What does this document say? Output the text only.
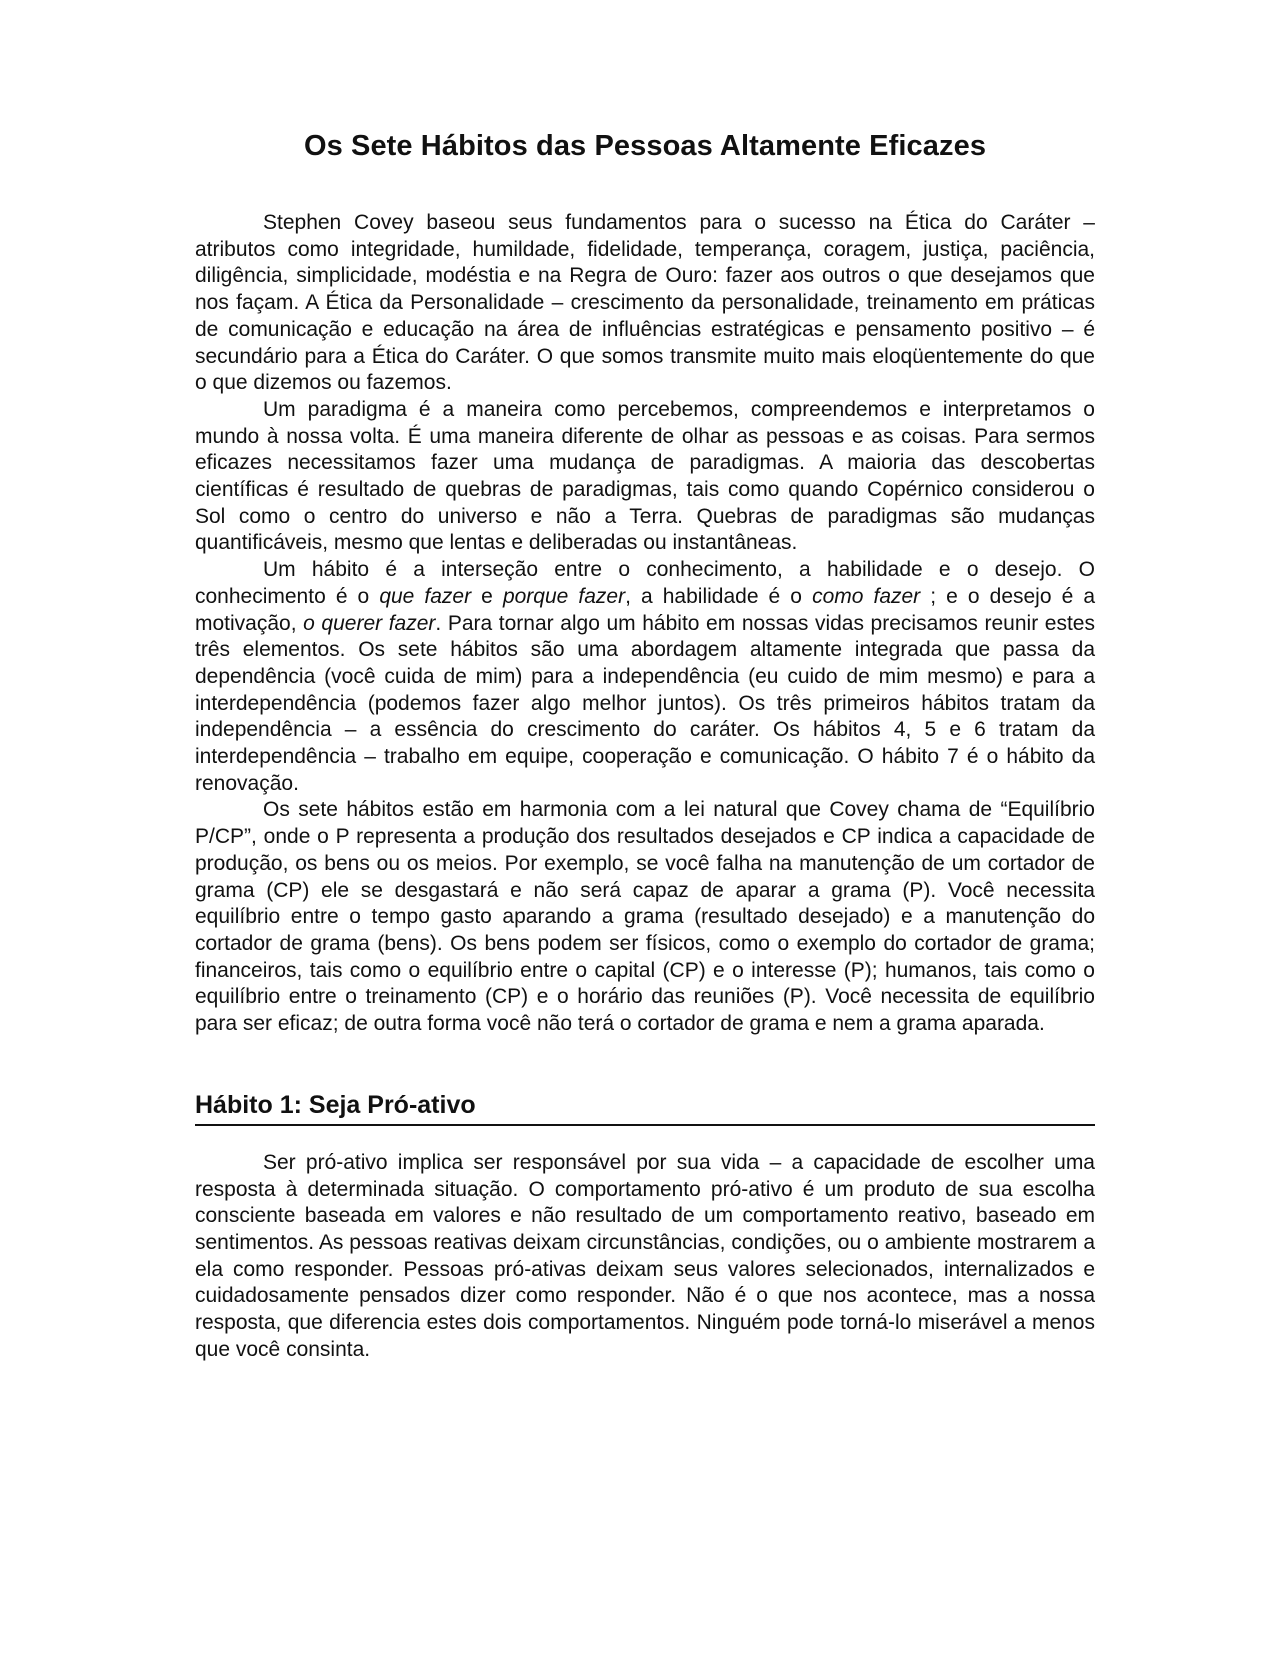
Os Sete Hábitos das Pessoas Altamente Eficazes

Stephen Covey baseou seus fundamentos para o sucesso na Ética do Caráter – atributos como integridade, humildade, fidelidade, temperança, coragem, justiça, paciência, diligência, simplicidade, modéstia e na Regra de Ouro: fazer aos outros o que desejamos que nos façam. A Ética da Personalidade – crescimento da personalidade, treinamento em práticas de comunicação e educação na área de influências estratégicas e pensamento positivo – é secundário para a Ética do Caráter. O que somos transmite muito mais eloqüentemente do que o que dizemos ou fazemos.

Um paradigma é a maneira como percebemos, compreendemos e interpretamos o mundo à nossa volta. É uma maneira diferente de olhar as pessoas e as coisas. Para sermos eficazes necessitamos fazer uma mudança de paradigmas. A maioria das descobertas científicas é resultado de quebras de paradigmas, tais como quando Copérnico considerou o Sol como o centro do universo e não a Terra. Quebras de paradigmas são mudanças quantificáveis, mesmo que lentas e deliberadas ou instantâneas.

Um hábito é a interseção entre o conhecimento, a habilidade e o desejo. O conhecimento é o que fazer e porque fazer, a habilidade é o como fazer ; e o desejo é a motivação, o querer fazer. Para tornar algo um hábito em nossas vidas precisamos reunir estes três elementos. Os sete hábitos são uma abordagem altamente integrada que passa da dependência (você cuida de mim) para a independência (eu cuido de mim mesmo) e para a interdependência (podemos fazer algo melhor juntos). Os três primeiros hábitos tratam da independência – a essência do crescimento do caráter. Os hábitos 4, 5 e 6 tratam da interdependência – trabalho em equipe, cooperação e comunicação. O hábito 7 é o hábito da renovação.

Os sete hábitos estão em harmonia com a lei natural que Covey chama de “Equilíbrio P/CP”, onde o P representa a produção dos resultados desejados e CP indica a capacidade de produção, os bens ou os meios. Por exemplo, se você falha na manutenção de um cortador de grama (CP) ele se desgastará e não será capaz de aparar a grama (P). Você necessita equilíbrio entre o tempo gasto aparando a grama (resultado desejado) e a manutenção do cortador de grama (bens). Os bens podem ser físicos, como o exemplo do cortador de grama; financeiros, tais como o equilíbrio entre o capital (CP) e o interesse (P); humanos, tais como o equilíbrio entre o treinamento (CP) e o horário das reuniões (P). Você necessita de equilíbrio para ser eficaz; de outra forma você não terá o cortador de grama e nem a grama aparada.

Hábito 1: Seja Pró-ativo

Ser pró-ativo implica ser responsável por sua vida – a capacidade de escolher uma resposta à determinada situação. O comportamento pró-ativo é um produto de sua escolha consciente baseada em valores e não resultado de um comportamento reativo, baseado em sentimentos. As pessoas reativas deixam circunstâncias, condições, ou o ambiente mostrarem a ela como responder. Pessoas pró-ativas deixam seus valores selecionados, internalizados e cuidadosamente pensados dizer como responder. Não é o que nos acontece, mas a nossa resposta, que diferencia estes dois comportamentos. Ninguém pode torná-lo miserável a menos que você consinta.
